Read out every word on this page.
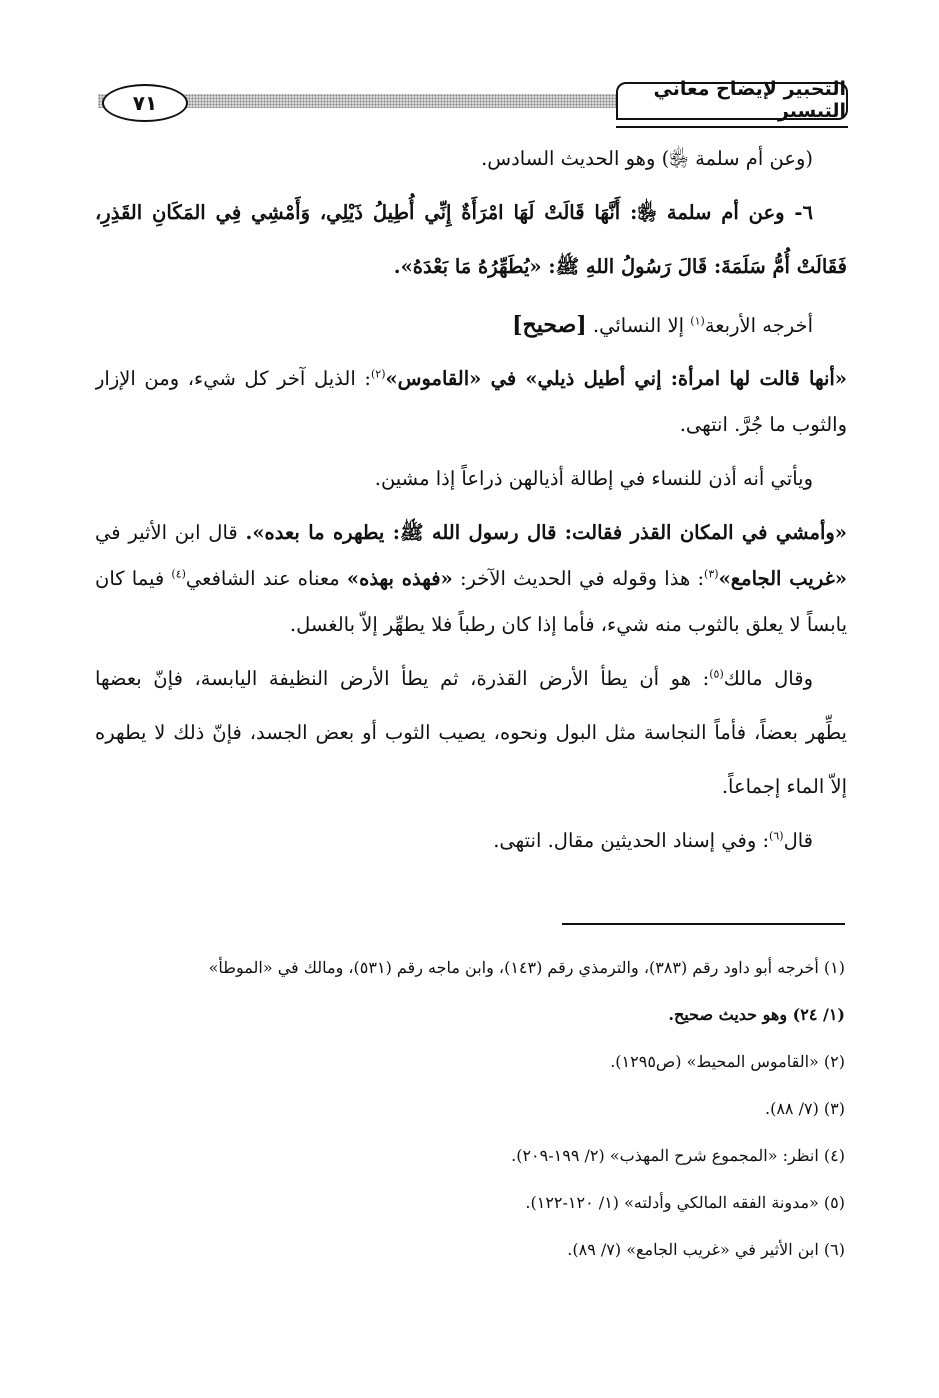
٧١
التحبير لإيضاح معاني التيسير
(وعن أم سلمة ﵂) وهو الحديث السادس.
٦- وعن أم سلمة ﵂: أَنَّهَا قَالَتْ لَهَا امْرَأَةٌ إِنِّي أُطِيلُ ذَيْلِي، وَأَمْشِي فِي المَكَانِ القَذِرِ،
فَقَالَتْ أُمُّ سَلَمَةَ: قَالَ رَسُولُ اللهِ ﷺ: «يُطَهِّرُهُ مَا بَعْدَهُ».
أخرجه الأربعة$^{(١)}$ إلا النسائي. [صحيح]
«أنها قالت لها امرأة: إني أطيل ذيلي» في «القاموس»$^{(٢)}$: الذيل آخر كل شيء، ومن الإزار
والثوب ما جُرَّ. انتهى.
ويأتي أنه أذن للنساء في إطالة أذيالهن ذراعاً إذا مشين.
«وأمشي في المكان القذر فقالت: قال رسول الله ﷺ: يطهره ما بعده». قال ابن الأثير في
«غريب الجامع»$^{(٣)}$: هذا وقوله في الحديث الآخر: «فهذه بهذه» معناه عند الشافعي$^{(٤)}$ فيما كان
يابساً لا يعلق بالثوب منه شيء، فأما إذا كان رطباً فلا يطهِّر إلاّ بالغسل.
وقال مالك$^{(٥)}$: هو أن يطأ الأرض القذرة، ثم يطأ الأرض النظيفة اليابسة، فإنّ بعضها
يطِّهر بعضاً، فأماً النجاسة مثل البول ونحوه، يصيب الثوب أو بعض الجسد، فإنّ ذلك لا يطهره
إلاّ الماء إجماعاً.
قال$^{(٦)}$: وفي إسناد الحديثين مقال. انتهى.
(١) أخرجه أبو داود رقم (٣٨٣)، والترمذي رقم (١٤٣)، وابن ماجه رقم (٥٣١)، ومالك في «الموطأ»
(١/ ٢٤) وهو حديث صحيح.
(٢) «القاموس المحيط» (ص١٢٩٥).
(٣) (٧/ ٨٨).
(٤) انظر: «المجموع شرح المهذب» (٢/ ١٩٩-٢٠٩).
(٥) «مدونة الفقه المالكي وأدلته» (١/ ١٢٠-١٢٢).
(٦) ابن الأثير في «غريب الجامع» (٧/ ٨٩).
